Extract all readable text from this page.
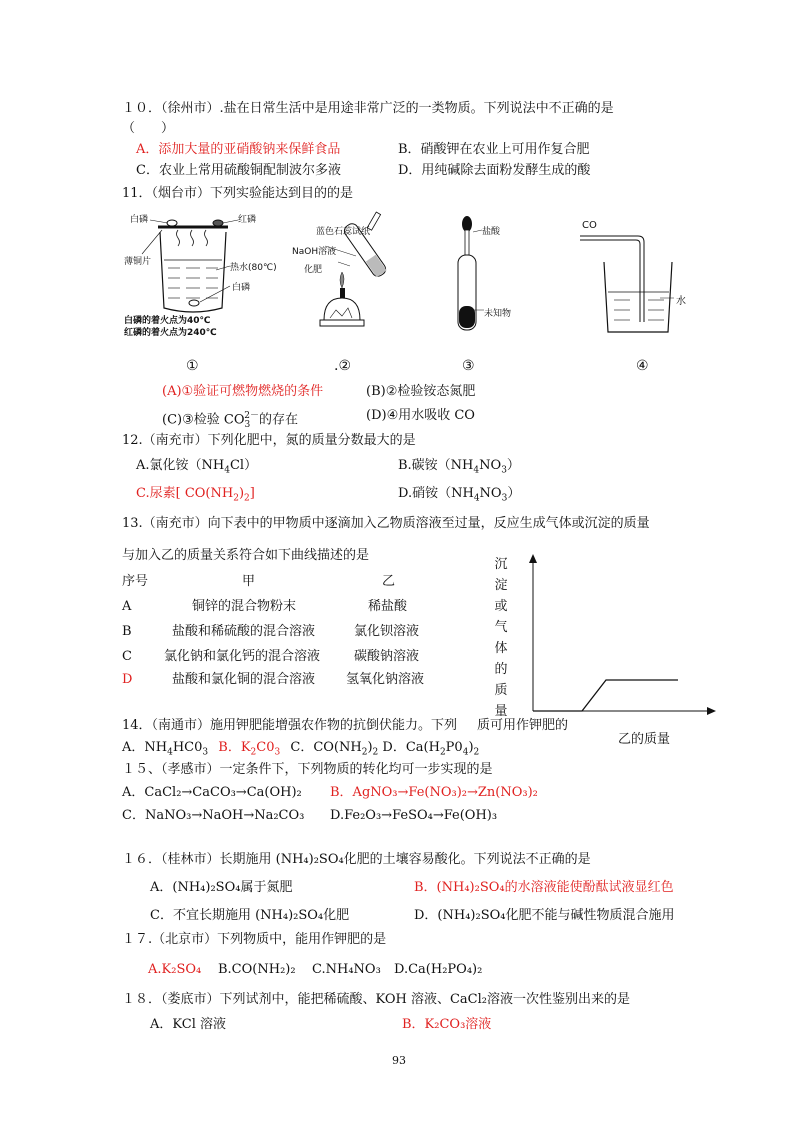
１０．（徐州市）.盐在日常生活中是用途非常广泛的一类物质。下列说法中不正确的是
（　　）
A．添加大量的亚硝酸钠来保鲜食品	B．硝酸钾在农业上可用作复合肥
C．农业上常用硫酸铜配制波尔多液	D．用纯碱除去面粉发酵生成的酸
11．（烟台市）下列实验能达到目的的是
白磷	红磷
薄铜片
热水(80℃)
白磷
白磷的着火点为40℃
红磷的着火点为240℃
蓝色石蕊试纸
NaOH溶液
化肥
盐酸
未知物
CO
水
①	.②	③	④
(A)①验证可燃物燃烧的条件	(B)②检验铵态氮肥
(C)③检验 $CO_3^{2-}$的存在	(D)④用水吸收 CO
12.（南充市）下列化肥中，氮的质量分数最大的是
A.氯化铵$(NH_4Cl)$	B.碳铵$(NH_4NO_3)$
C.尿素[ $CO(NH_2)_2$]	D.硝铵$(NH_4NO_3)$
13.（南充市）向下表中的甲物质中逐滴加入乙物质溶液至过量，反应生成气体或沉淀的质量
与加入乙的质量关系符合如下曲线描述的是
序号	甲	乙
A	铜锌的混合物粉末	稀盐酸
B	盐酸和稀硫酸的混合溶液	氯化钡溶液
C 氯化钠和氯化钙的混合溶液	碳酸钠溶液
D	盐酸和氯化铜的混合溶液 氢氧化钠溶液
沉
淀
或
气
体
的
质
量
乙的质量
14．（南通市）施用钾肥能增强农作物的抗倒伏能力。下列 质可用作钾肥的
A．$NH_4HC0_3$ B．$K_2C0_3$ C．$CO(NH_2)_2$ D．$Ca(H_2P0_4)_2$
１５、（孝感市）一定条件下，下列物质的转化均可一步实现的是
A．CaCl₂→CaCO₃→Ca(OH)₂ B．AgNO₃→Fe(NO₃)₂→Zn(NO₃)₂
C．NaNO₃→NaOH→Na₂CO₃ D.Fe₂O₃→FeSO₄→Fe(OH)₃
１６．（桂林市）长期施用 (NH₄)₂SO₄化肥的土壤容易酸化。下列说法不正确的是
A．(NH₄)₂SO₄属于氮肥	B．(NH₄)₂SO₄的水溶液能使酚酞试液显红色
C．不宜长期施用 (NH₄)₂SO₄化肥	D．(NH₄)₂SO₄化肥不能与碱性物质混合施用
１７.（北京市）下列物质中，能用作钾肥的是
A.K₂SO₄ B.CO(NH₂)₂ C.NH₄NO₃ D.Ca(H₂PO₄)₂
１８．（娄底市）下列试剂中，能把稀硫酸、KOH 溶液、CaCl₂溶液一次性鉴别出来的是
A．KCl 溶液	B．K₂CO₃溶液
93
